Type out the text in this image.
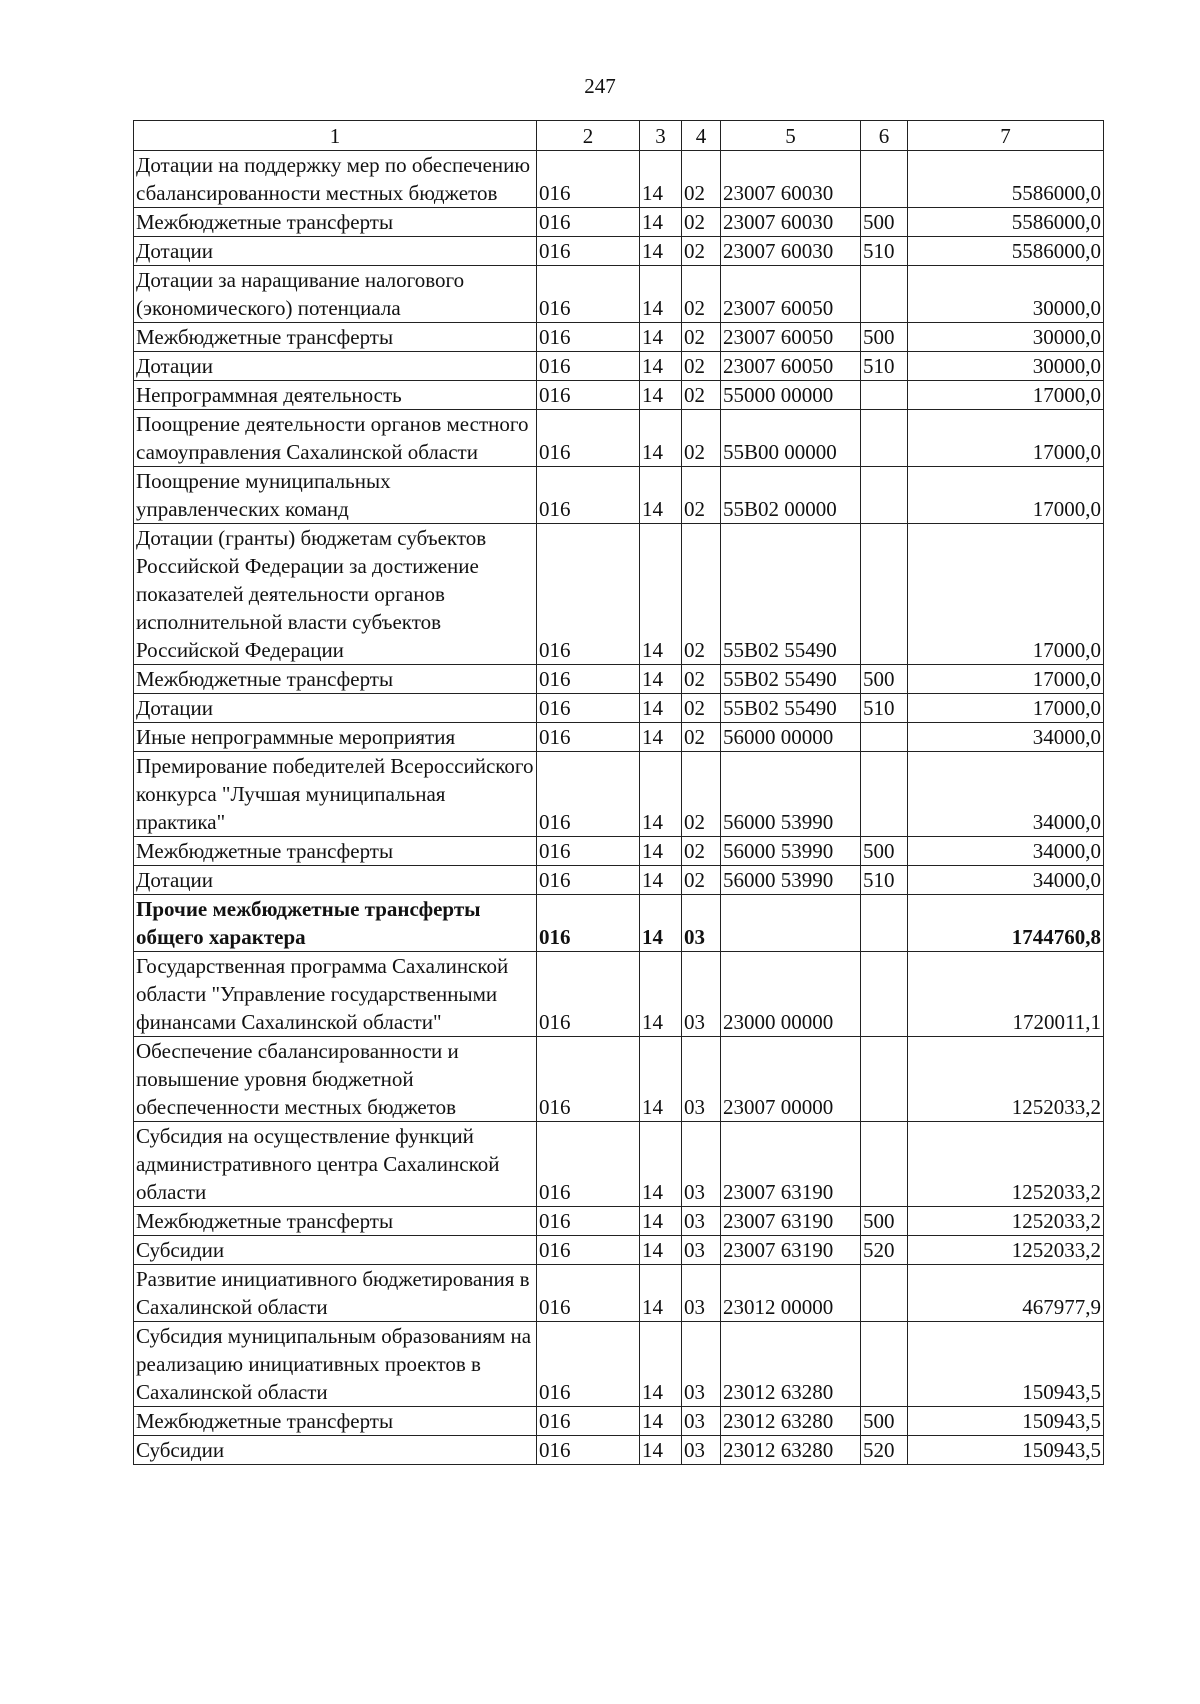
247
1	2	3	4	5	6	7
Дотации на поддержку мер по обеспечению сбалансированности местных бюджетов	016	14	02	23007 60030		5586000,0
Межбюджетные трансферты	016	14	02	23007 60030	500	5586000,0
Дотации	016	14	02	23007 60030	510	5586000,0
Дотации за наращивание налогового (экономического) потенциала	016	14	02	23007 60050		30000,0
Межбюджетные трансферты	016	14	02	23007 60050	500	30000,0
Дотации	016	14	02	23007 60050	510	30000,0
Непрограммная деятельность	016	14	02	55000 00000		17000,0
Поощрение деятельности органов местного самоуправления Сахалинской области	016	14	02	55В00 00000		17000,0
Поощрение муниципальных управленческих команд	016	14	02	55В02 00000		17000,0
Дотации (гранты) бюджетам субъектов Российской Федерации за достижение показателей деятельности органов исполнительной власти субъектов Российской Федерации	016	14	02	55В02 55490		17000,0
Межбюджетные трансферты	016	14	02	55В02 55490	500	17000,0
Дотации	016	14	02	55В02 55490	510	17000,0
Иные непрограммные мероприятия	016	14	02	56000 00000		34000,0
Премирование победителей Всероссийского конкурса "Лучшая муниципальная практика"	016	14	02	56000 53990		34000,0
Межбюджетные трансферты	016	14	02	56000 53990	500	34000,0
Дотации	016	14	02	56000 53990	510	34000,0
Прочие межбюджетные трансферты общего характера	016	14	03			1744760,8
Государственная программа Сахалинской области "Управление государственными финансами Сахалинской области"	016	14	03	23000 00000		1720011,1
Обеспечение сбалансированности и повышение уровня бюджетной обеспеченности местных бюджетов	016	14	03	23007 00000		1252033,2
Субсидия на осуществление функций административного центра Сахалинской области	016	14	03	23007 63190		1252033,2
Межбюджетные трансферты	016	14	03	23007 63190	500	1252033,2
Субсидии	016	14	03	23007 63190	520	1252033,2
Развитие инициативного бюджетирования в Сахалинской области	016	14	03	23012 00000		467977,9
Субсидия муниципальным образованиям на реализацию инициативных проектов в Сахалинской области	016	14	03	23012 63280		150943,5
Межбюджетные трансферты	016	14	03	23012 63280	500	150943,5
Субсидии	016	14	03	23012 63280	520	150943,5
